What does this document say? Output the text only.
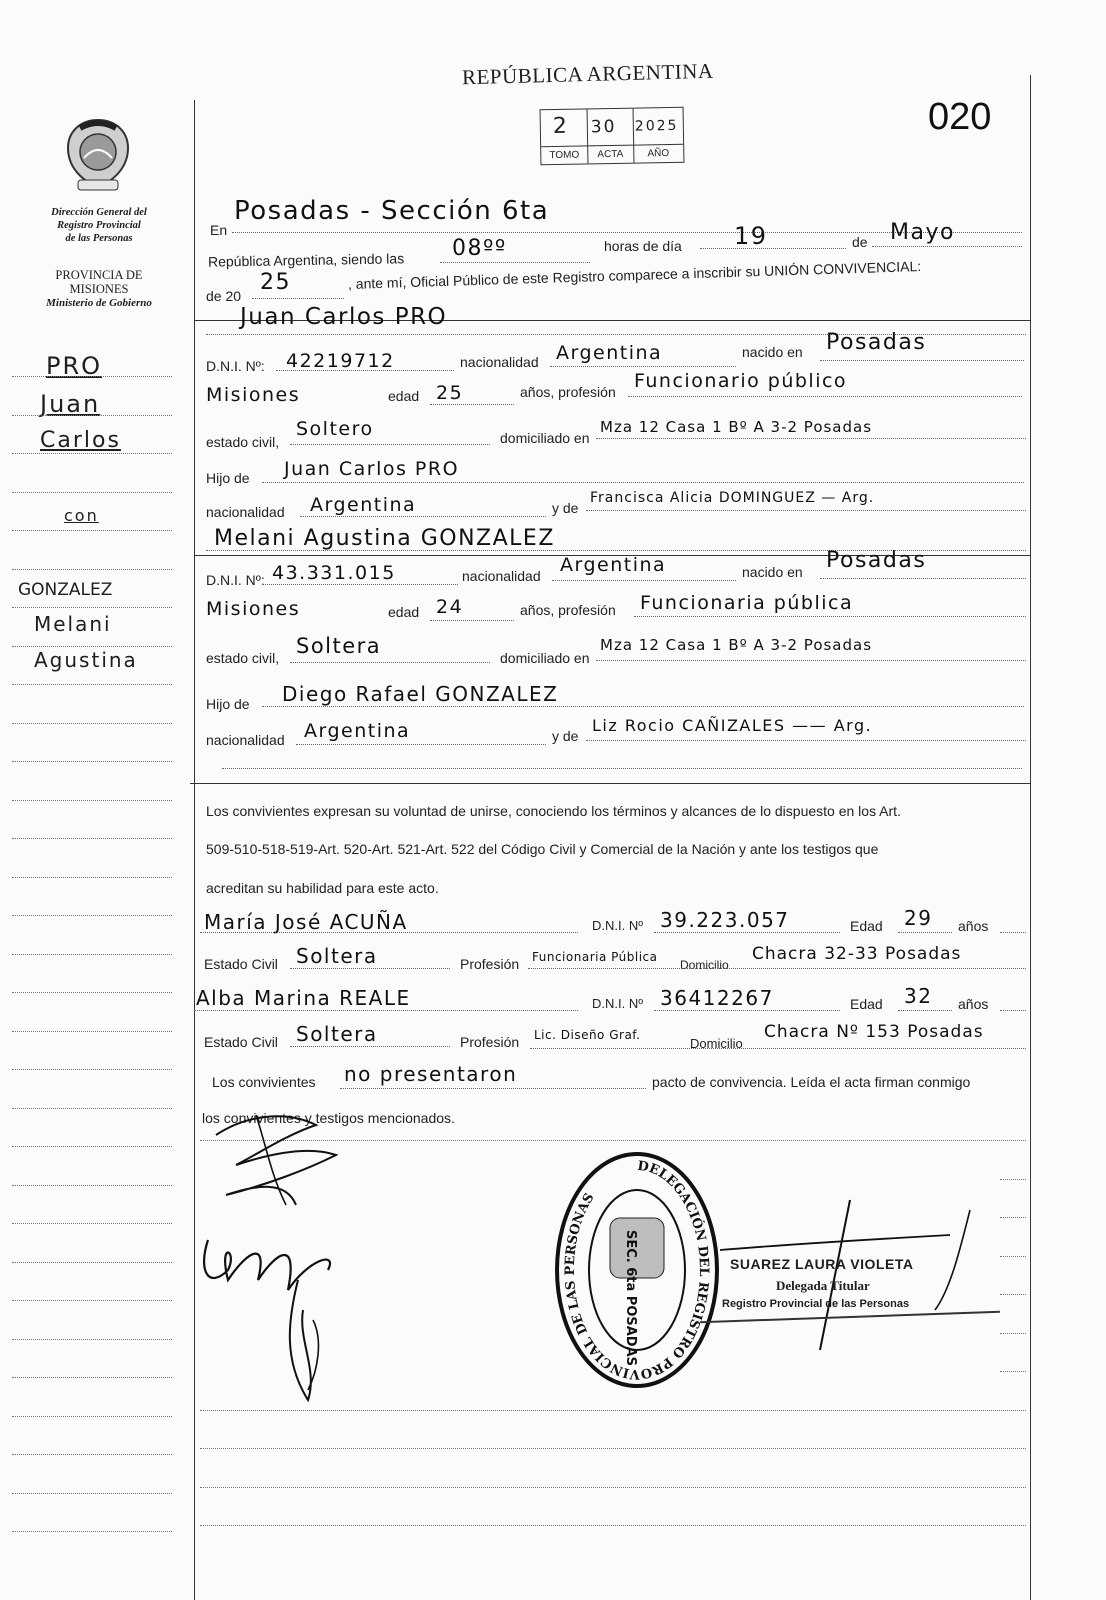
REPÚBLICA ARGENTINA
2
TOMO
30
ACTA
2025
AÑO
020
Dirección General del
Registro Provincial
de las Personas
PROVINCIA DE
MISIONES
Ministerio de Gobierno
PRO
Juan
Carlos
con
GONZALEZ
Melani
Agustina
En
Posadas - Sección 6ta
República Argentina, siendo las 08ºº	horas de día 19	de Mayo
de 20
25	, ante mí, Oficial Público de este Registro comparece a inscribir su UNIÓN CONVIVENCIAL:
Juan Carlos PRO
D.N.I. Nº: 42219712	nacionalidad Argentina	nacido en Posadas
Misiones	edad 25	años, profesión Funcionario público
estado civil,
Soltero	domiciliado en
Mza 12 Casa 1 Bº A 3-2 Posadas
Hijo de Juan Carlos PRO
nacionalidad Argentina	y de
Francisca Alicia DOMINGUEZ — Arg.
Melani Agustina GONZALEZ
D.N.I. Nº: 43.331.015	nacionalidad Argentina	nacido en Posadas
Misiones	edad 24	años, profesión Funcionaria pública
estado civil, Soltera	domiciliado en
Mza 12 Casa 1 Bº A 3-2 Posadas
Hijo de Diego Rafael GONZALEZ
nacionalidad Argentina	y de
Liz Rocio CAÑIZALES —— Arg.
Los convivientes expresan su voluntad de unirse, conociendo los términos y alcances de lo dispuesto en los Art.
509-510-518-519-Art. 520-Art. 521-Art. 522 del Código Civil y Comercial de la Nación y ante los testigos que
acreditan su habilidad para este acto.
María José ACUÑA	D.N.I. Nº 39.223.057	Edad 29 años
Estado Civil Soltera	Profesión Funcionaria Pública
Domicilio
Chacra 32-33 Posadas
Alba Marina REALE	D.N.I. Nº 36412267	Edad 32 años
Estado Civil Soltera	Profesión Lic. Diseño Graf.
Domicilio
Chacra Nº 153 Posadas
Los convivientes no presentaron	pacto de convivencia. Leída el acta firman conmigo
los convivientes y testigos mencionados.
DELEGACIÓN DEL REGISTRO PROVINCIAL DE LAS PERSONAS
SEC. 6ta POSADAS	SUAREZ LAURA VIOLETA
Delegada Titular
Registro Provincial de las Personas
